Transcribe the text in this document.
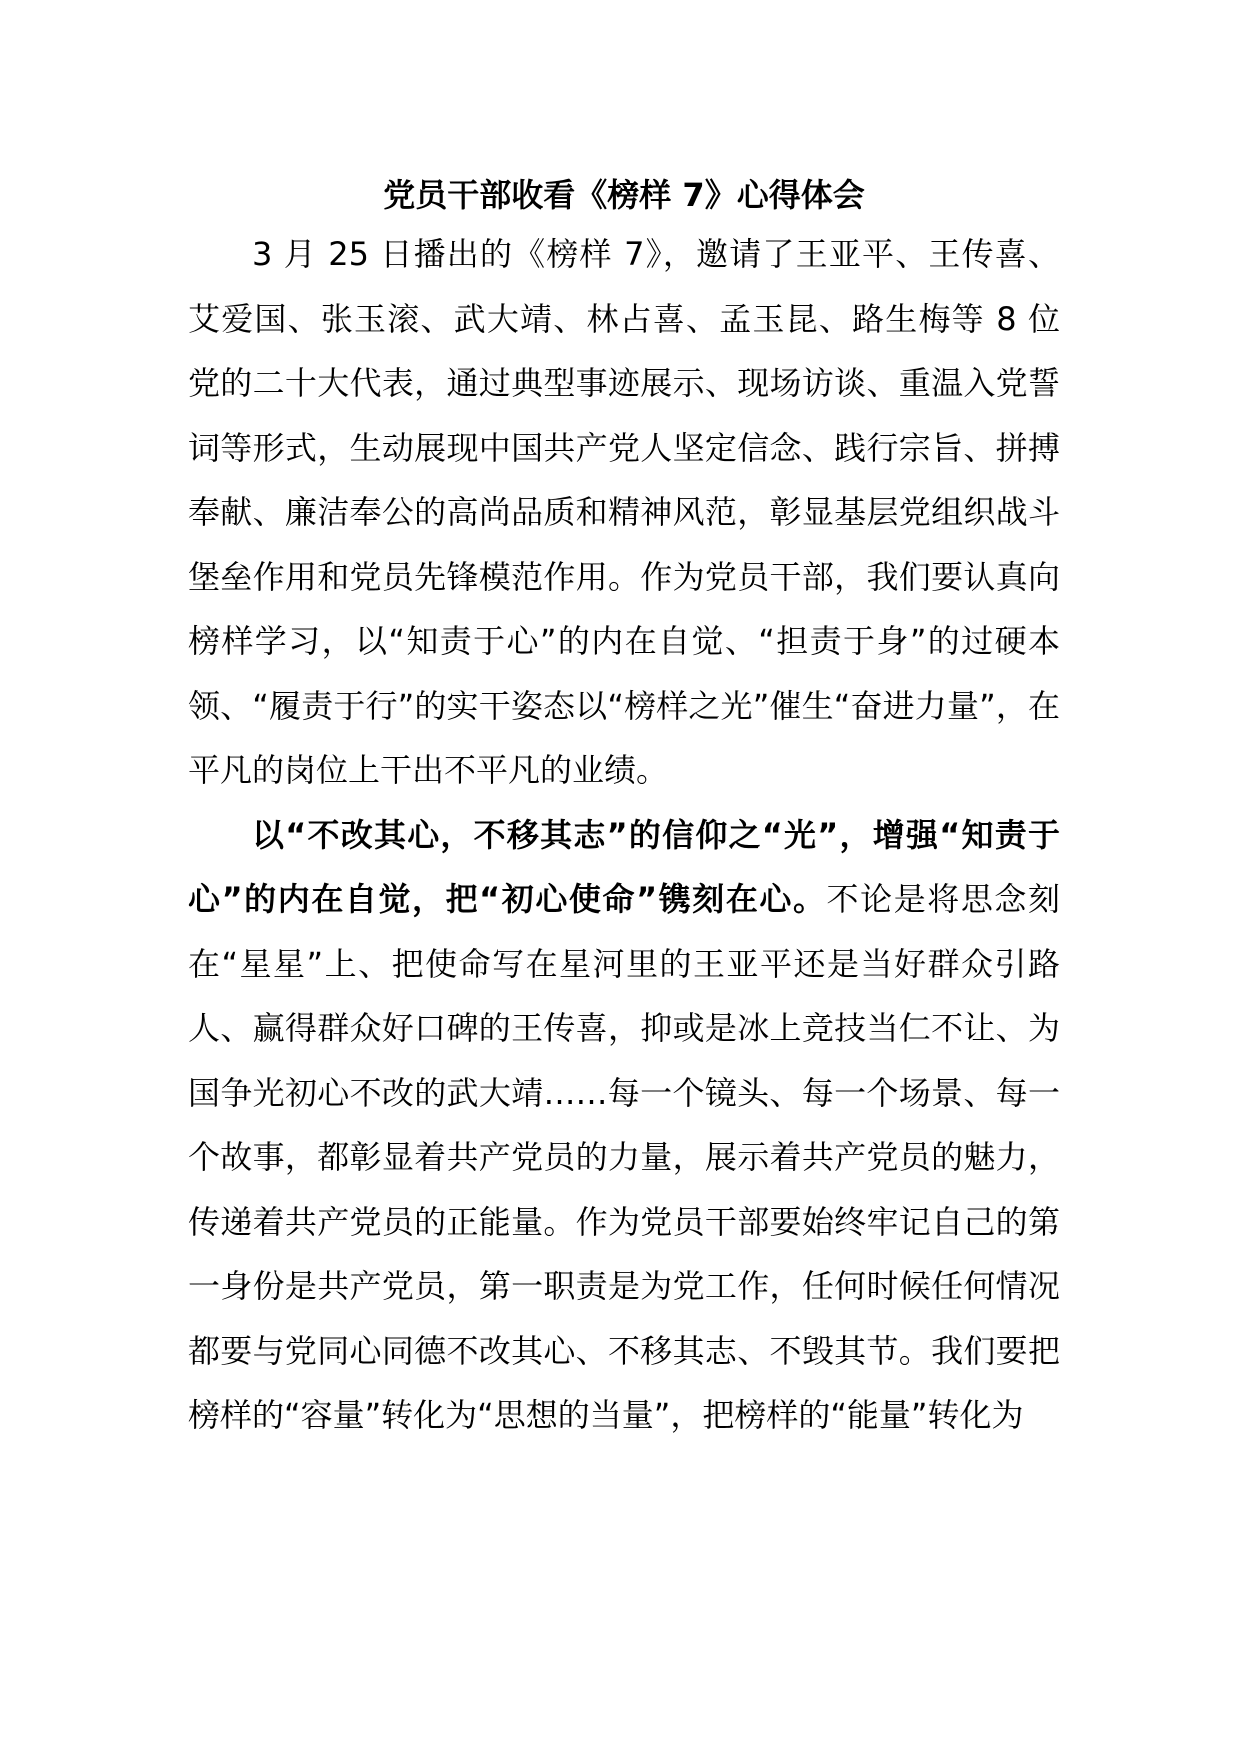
党员干部收看《榜样 7》心得体会

3 月 25 日播出的《榜样 7》，邀请了王亚平、王传喜、艾爱国、张玉滚、武大靖、林占喜、孟玉昆、路生梅等 8 位党的二十大代表，通过典型事迹展示、现场访谈、重温入党誓词等形式，生动展现中国共产党人坚定信念、践行宗旨、拼搏奉献、廉洁奉公的高尚品质和精神风范，彰显基层党组织战斗堡垒作用和党员先锋模范作用。作为党员干部，我们要认真向榜样学习，以“知责于心”的内在自觉、“担责于身”的过硬本领、“履责于行”的实干姿态以“榜样之光”催生“奋进力量”，在平凡的岗位上干出不平凡的业绩。

以“不改其心，不移其志”的信仰之“光”，增强“知责于心”的内在自觉，把“初心使命”镌刻在心。不论是将思念刻在“星星”上、把使命写在星河里的王亚平还是当好群众引路人、赢得群众好口碑的王传喜，抑或是冰上竞技当仁不让、为国争光初心不改的武大靖……每一个镜头、每一个场景、每一个故事，都彰显着共产党员的力量，展示着共产党员的魅力，传递着共产党员的正能量。作为党员干部要始终牢记自己的第一身份是共产党员，第一职责是为党工作，任何时候任何情况都要与党同心同德不改其心、不移其志、不毁其节。我们要把榜样的“容量”转化为“思想的当量”，把榜样的“能量”转化为
